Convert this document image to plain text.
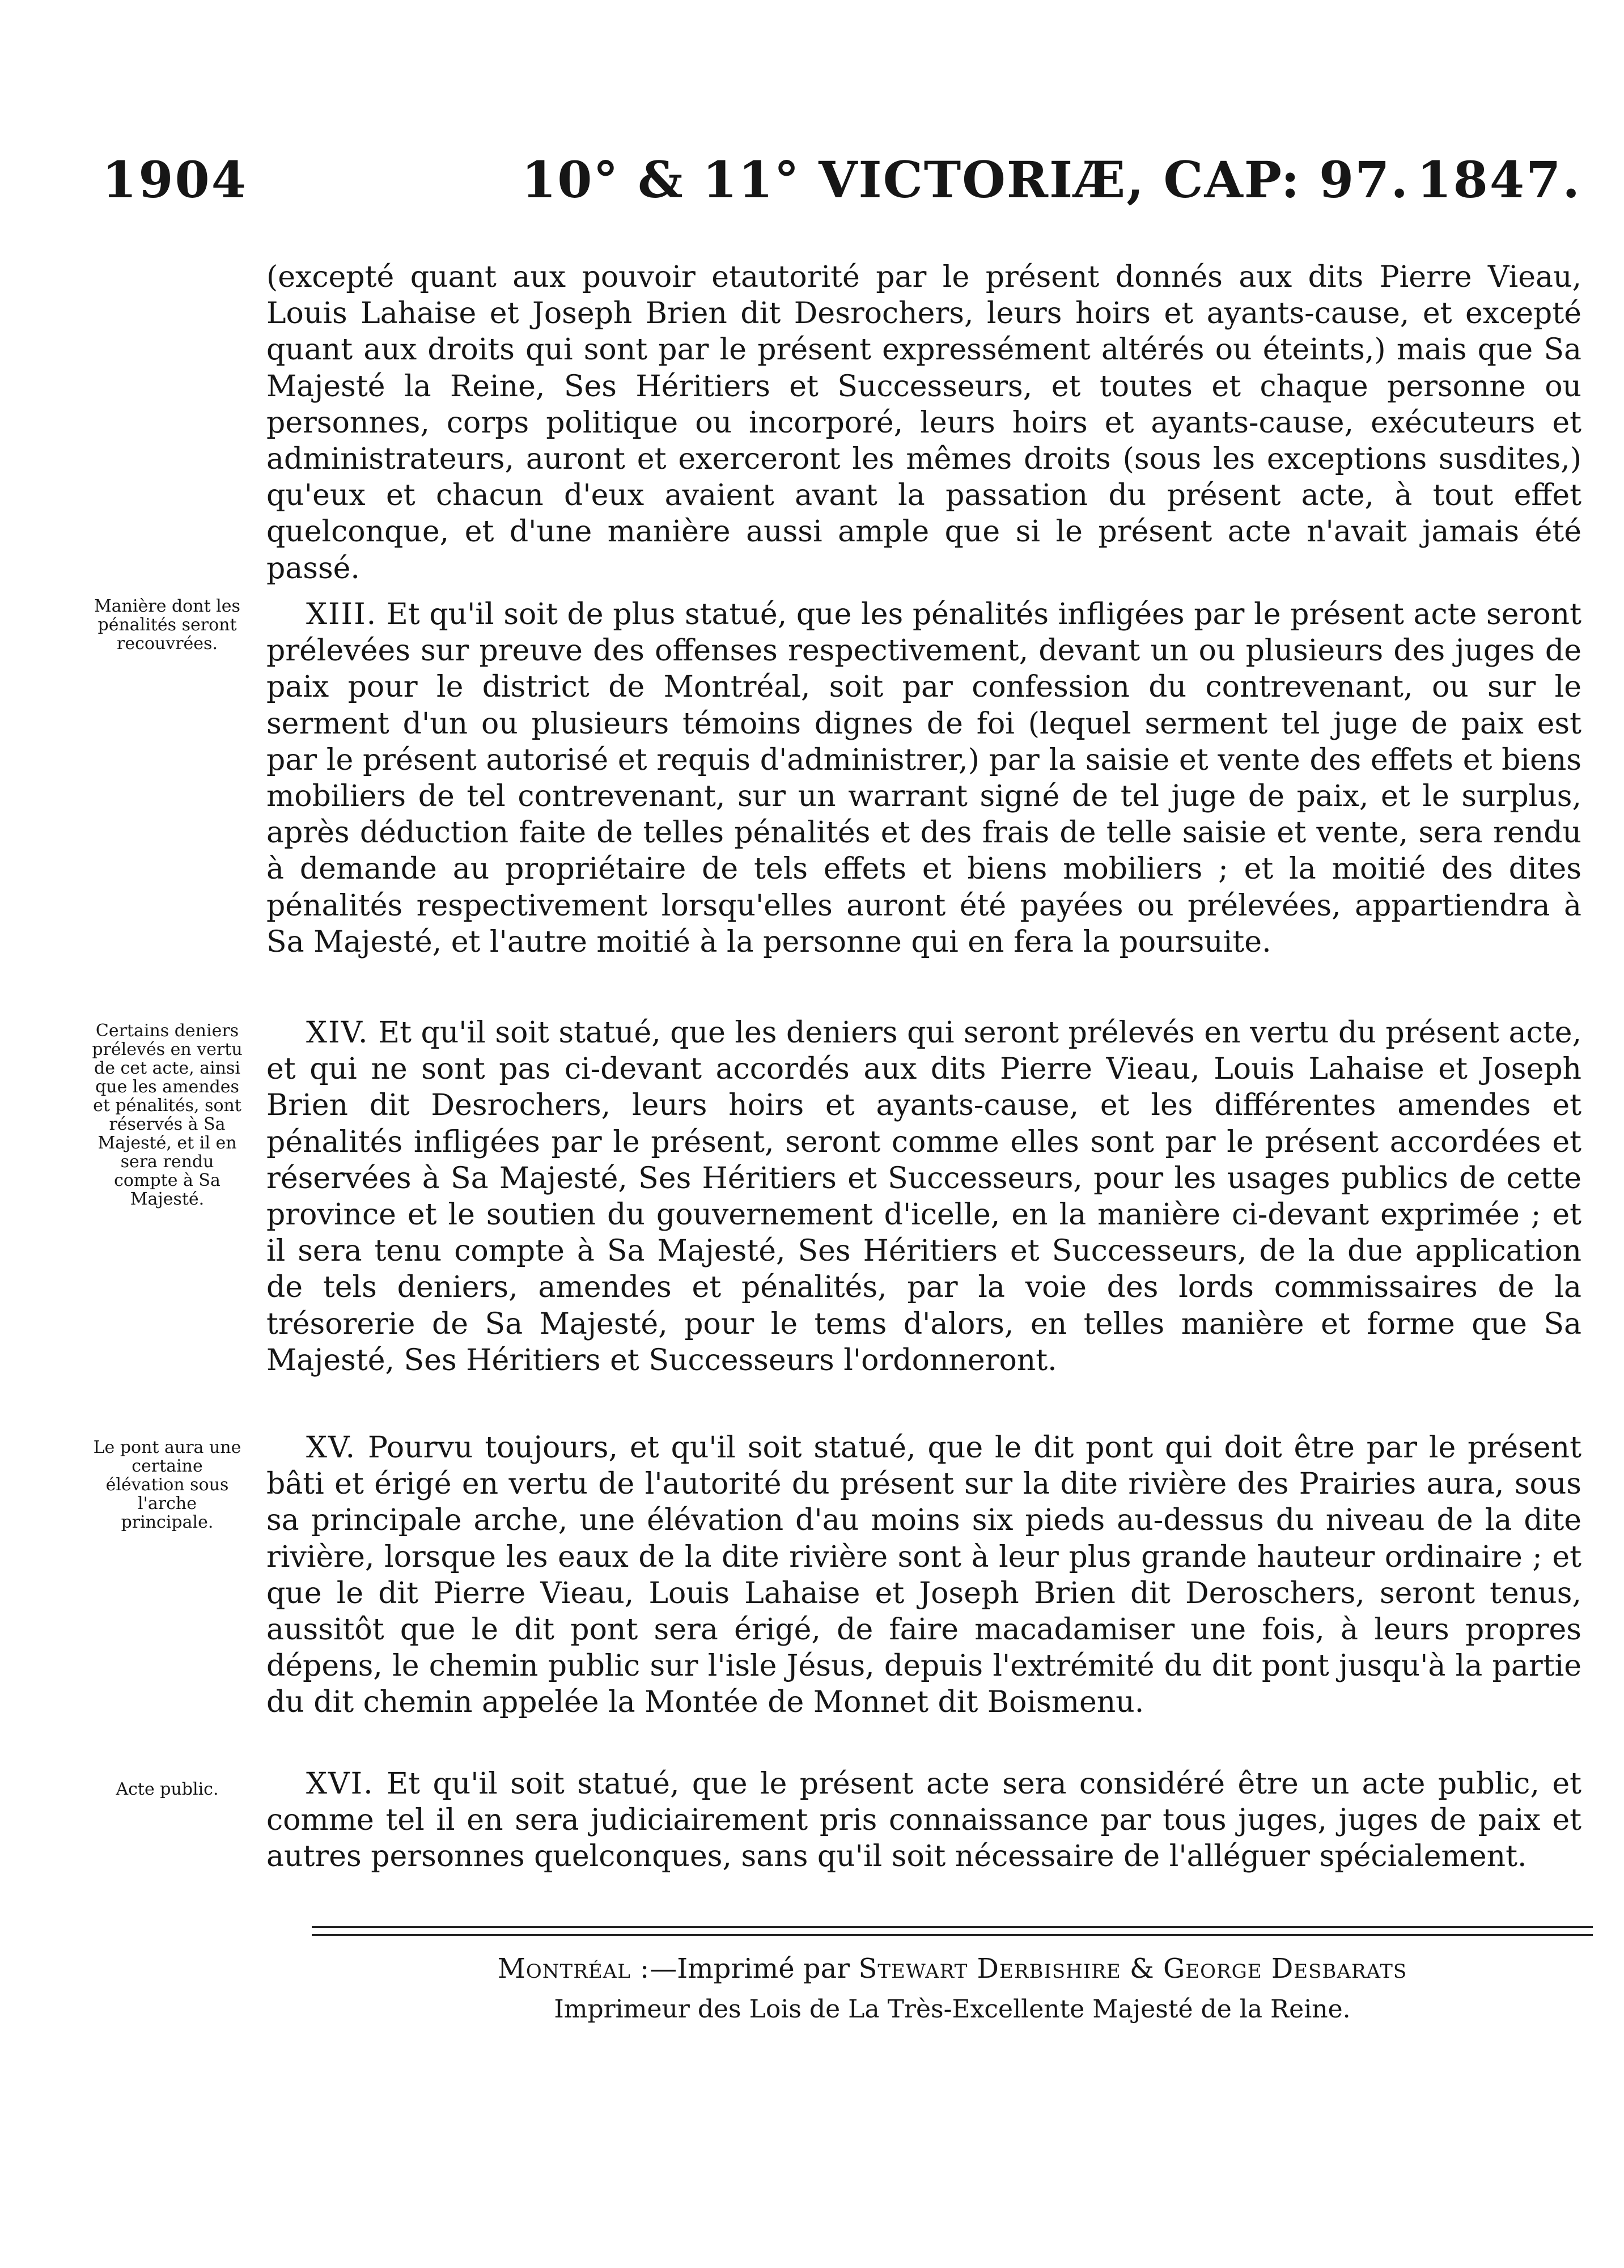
1904	10° & 11° VICTORIÆ, CAP: 97. 1847.
(excepté quant aux pouvoir etautorité par le présent donnés aux dits Pierre Vieau, Louis Lahaise et Joseph Brien dit Desrochers, leurs hoirs et ayants-cause, et excepté quant aux droits qui sont par le présent expressément altérés ou éteints,) mais que Sa Majesté la Reine, Ses Héritiers et Successeurs, et toutes et chaque personne ou personnes, corps politique ou incorporé, leurs hoirs et ayants-cause, exécuteurs et administrateurs, auront et exerceront les mêmes droits (sous les exceptions susdites,) qu'eux et chacun d'eux avaient avant la passation du présent acte, à tout effet quelconque, et d'une manière aussi ample que si le présent acte n'avait jamais été passé.
Manière dont les pénalités seront recouvrées.
XIII. Et qu'il soit de plus statué, que les pénalités infligées par le présent acte seront prélevées sur preuve des offenses respectivement, devant un ou plusieurs des juges de paix pour le district de Montréal, soit par confession du contrevenant, ou sur le serment d'un ou plusieurs témoins dignes de foi (lequel serment tel juge de paix est par le présent autorisé et requis d'administrer,) par la saisie et vente des effets et biens mobiliers de tel contrevenant, sur un warrant signé de tel juge de paix, et le surplus, après déduction faite de telles pénalités et des frais de telle saisie et vente, sera rendu à demande au propriétaire de tels effets et biens mobiliers ; et la moitié des dites pénalités respectivement lorsqu'elles auront été payées ou prélevées, appartiendra à Sa Majesté, et l'autre moitié à la personne qui en fera la poursuite.
Certains deniers prélevés en vertu de cet acte, ainsi que les amendes et pénalités, sont réservés à Sa Majesté, et il en sera rendu compte à Sa Majesté.
XIV. Et qu'il soit statué, que les deniers qui seront prélevés en vertu du présent acte, et qui ne sont pas ci-devant accordés aux dits Pierre Vieau, Louis Lahaise et Joseph Brien dit Desrochers, leurs hoirs et ayants-cause, et les différentes amendes et pénalités infligées par le présent, seront comme elles sont par le présent accordées et réservées à Sa Majesté, Ses Héritiers et Successeurs, pour les usages publics de cette province et le soutien du gouvernement d'icelle, en la manière ci-devant exprimée ; et il sera tenu compte à Sa Majesté, Ses Héritiers et Successeurs, de la due application de tels deniers, amendes et pénalités, par la voie des lords commissaires de la trésorerie de Sa Majesté, pour le tems d'alors, en telles manière et forme que Sa Majesté, Ses Héritiers et Successeurs l'ordonneront.
Le pont aura une certaine élévation sous l'arche principale.
XV. Pourvu toujours, et qu'il soit statué, que le dit pont qui doit être par le présent bâti et érigé en vertu de l'autorité du présent sur la dite rivière des Prairies aura, sous sa principale arche, une élévation d'au moins six pieds au-dessus du niveau de la dite rivière, lorsque les eaux de la dite rivière sont à leur plus grande hauteur ordinaire ; et que le dit Pierre Vieau, Louis Lahaise et Joseph Brien dit Deroschers, seront tenus, aussitôt que le dit pont sera érigé, de faire macadamiser une fois, à leurs propres dépens, le chemin public sur l'isle Jésus, depuis l'extrémité du dit pont jusqu'à la partie du dit chemin appelée la Montée de Monnet dit Boismenu.
Acte public.	XVI. Et qu'il soit statué, que le présent acte sera considéré être un acte public, et comme tel il en sera judiciairement pris connaissance par tous juges, juges de paix et autres personnes quelconques, sans qu'il soit nécessaire de l'alléguer spécialement.
Montréal :—Imprimé par Stewart Derbishire & George Desbarats
Imprimeur des Lois de La Très-Excellente Majesté de la Reine.
